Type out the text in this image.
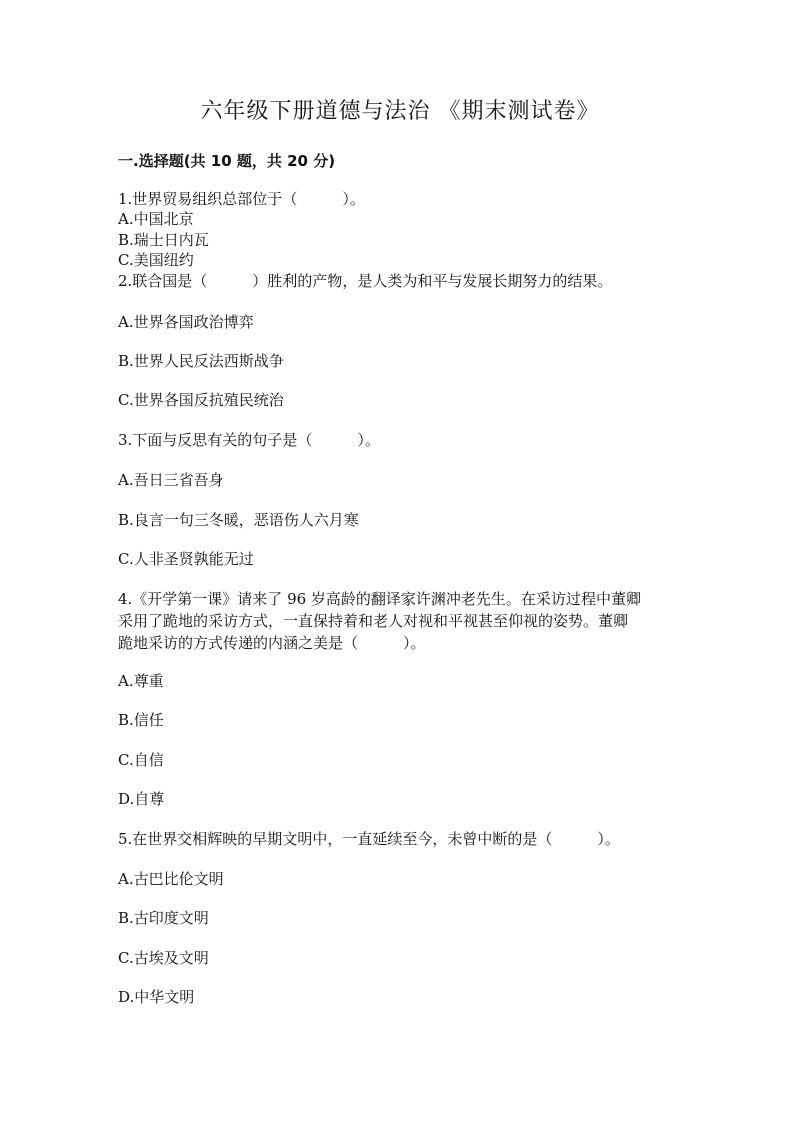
六年级下册道德与法治 《期末测试卷》
一.选择题(共 10 题，共 20 分)
1.世界贸易组织总部位于（　　　）。
A.中国北京
B.瑞士日内瓦
C.美国纽约
2.联合国是（　　　）胜利的产物，是人类为和平与发展长期努力的结果。
A.世界各国政治博弈
B.世界人民反法西斯战争
C.世界各国反抗殖民统治
3.下面与反思有关的句子是（　　　）。
A.吾日三省吾身
B.良言一句三冬暖，恶语伤人六月寒
C.人非圣贤孰能无过
4.《开学第一课》请来了 96 岁高龄的翻译家许渊冲老先生。在采访过程中董卿
采用了跪地的采访方式，一直保持着和老人对视和平视甚至仰视的姿势。董卿
跪地采访的方式传递的内涵之美是（　　　）。
A.尊重
B.信任
C.自信
D.自尊
5.在世界交相辉映的早期文明中，一直延续至今，未曾中断的是（　　　）。
A.古巴比伦文明
B.古印度文明
C.古埃及文明
D.中华文明
